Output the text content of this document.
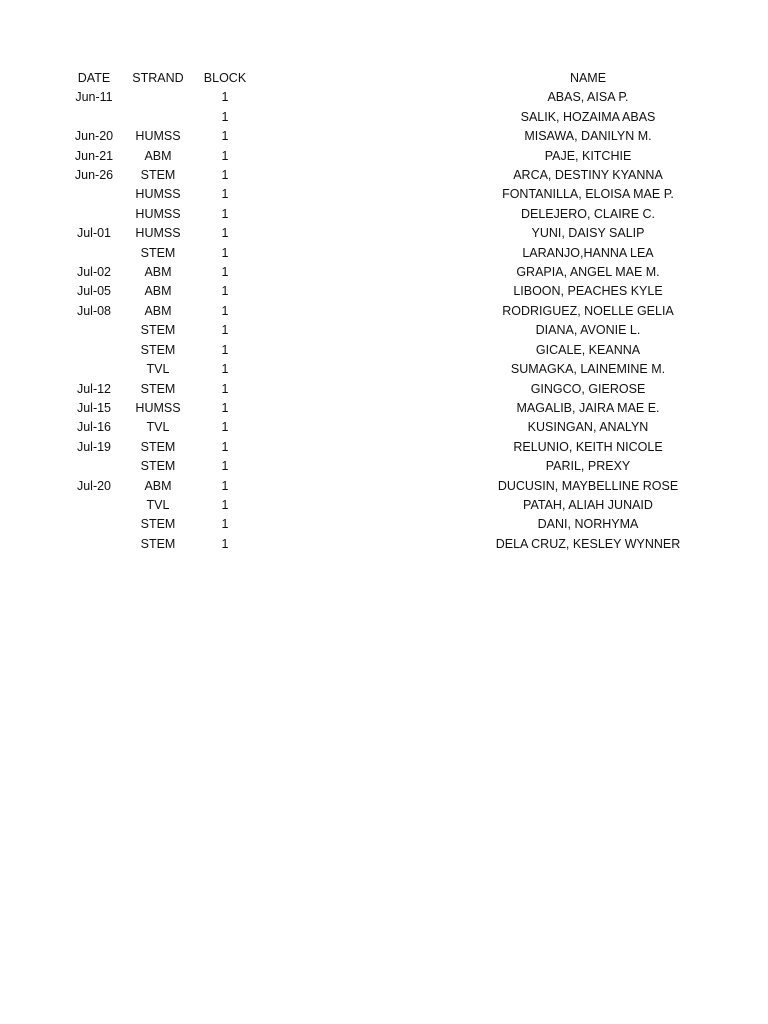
DATE	STRAND	BLOCK		NAME
Jun-11		1		ABAS, AISA P.
		1		SALIK, HOZAIMA ABAS
Jun-20	HUMSS	1		MISAWA, DANILYN M.
Jun-21	ABM	1		PAJE, KITCHIE
Jun-26	STEM	1		ARCA, DESTINY KYANNA
	HUMSS	1		FONTANILLA, ELOISA MAE P.
	HUMSS	1		DELEJERO, CLAIRE C.
Jul-01	HUMSS	1		YUNI, DAISY SALIP
	STEM	1		LARANJO,HANNA LEA
Jul-02	ABM	1		GRAPIA, ANGEL MAE M.
Jul-05	ABM	1		LIBOON, PEACHES KYLE
Jul-08	ABM	1		RODRIGUEZ, NOELLE GELIA
	STEM	1		DIANA, AVONIE L.
	STEM	1		GICALE, KEANNA
	TVL	1		SUMAGKA, LAINEMINE M.
Jul-12	STEM	1		GINGCO, GIEROSE
Jul-15	HUMSS	1		MAGALIB, JAIRA MAE E.
Jul-16	TVL	1		KUSINGAN, ANALYN
Jul-19	STEM	1		RELUNIO, KEITH NICOLE
	STEM	1		PARIL, PREXY
Jul-20	ABM	1		DUCUSIN, MAYBELLINE ROSE
	TVL	1		PATAH, ALIAH JUNAID
	STEM	1		DANI, NORHYMA
	STEM	1		DELA CRUZ, KESLEY WYNNER
